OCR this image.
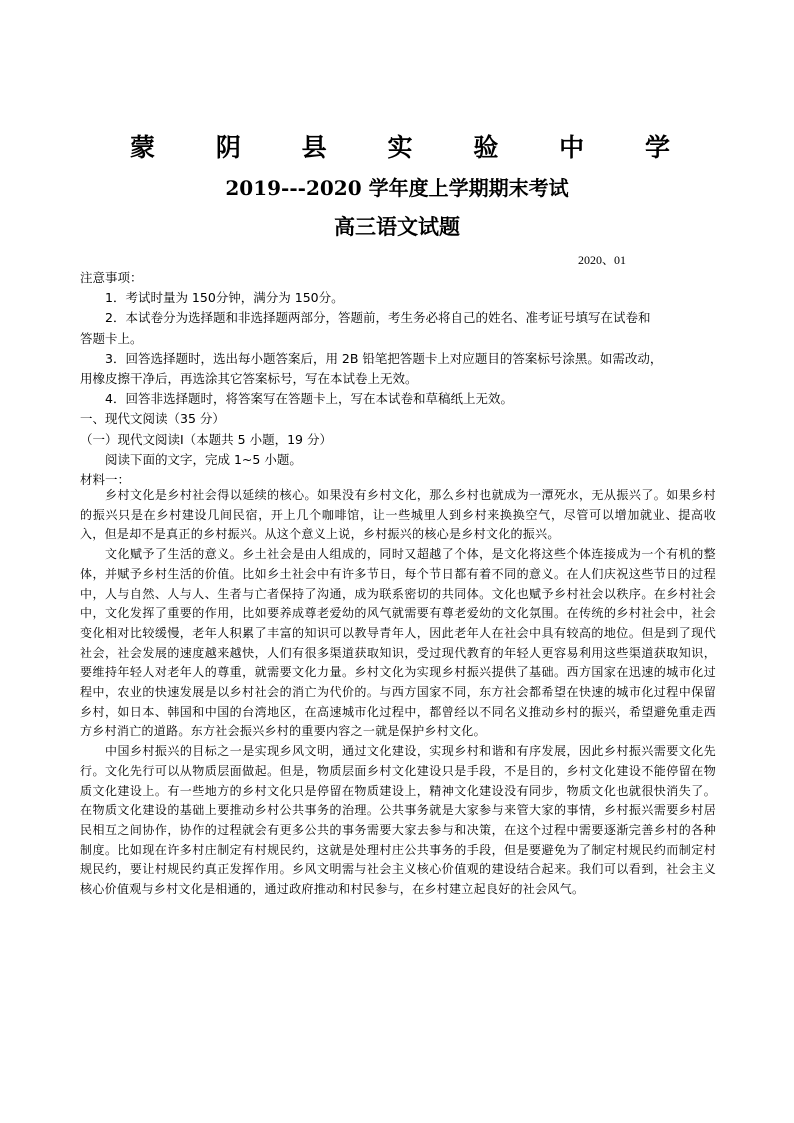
蒙 阴 县 实 验 中 学
2019---2020 学年度上学期期末考试
高三语文试题
2020、01

注意事项：

1．考试时量为 150分钟，满分为 150分。

2．本试卷分为选择题和非选择题两部分，答题前，考生务必将自己的姓名、准考证号填写在试卷和

答题卡上。

3．回答选择题时，选出每小题答案后，用 2B 铅笔把答题卡上对应题目的答案标号涂黑。如需改动，

用橡皮擦干净后，再选涂其它答案标号，写在本试卷上无效。

4．回答非选择题时，将答案写在答题卡上，写在本试卷和草稿纸上无效。

一、现代文阅读（35 分）

（一）现代文阅读Ⅰ（本题共 5 小题，19 分）

阅读下面的文字，完成 1~5 小题。

材料一：

乡村文化是乡村社会得以延续的核心。如果没有乡村文化，那么乡村也就成为一潭死水，无从振兴了。如果乡村的振兴只是在乡村建设几间民宿，开上几个咖啡馆，让一些城里人到乡村来换换空气，尽管可以增加就业、提高收入，但是却不是真正的乡村振兴。从这个意义上说，乡村振兴的核心是乡村文化的振兴。

文化赋予了生活的意义。乡土社会是由人组成的，同时又超越了个体，是文化将这些个体连接成为一个有机的整体，并赋予乡村生活的价值。比如乡土社会中有许多节日，每个节日都有着不同的意义。在人们庆祝这些节日的过程中，人与自然、人与人、生者与亡者保持了沟通，成为联系密切的共同体。文化也赋予乡村社会以秩序。在乡村社会中，文化发挥了重要的作用，比如要养成尊老爱幼的风气就需要有尊老爱幼的文化氛围。在传统的乡村社会中，社会变化相对比较缓慢，老年人积累了丰富的知识可以教导青年人，因此老年人在社会中具有较高的地位。但是到了现代社会，社会发展的速度越来越快，人们有很多渠道获取知识，受过现代教育的年轻人更容易利用这些渠道获取知识，要维持年轻人对老年人的尊重，就需要文化力量。乡村文化为实现乡村振兴提供了基础。西方国家在迅速的城市化过程中，农业的快速发展是以乡村社会的消亡为代价的。与西方国家不同，东方社会都希望在快速的城市化过程中保留乡村，如日本、韩国和中国的台湾地区，在高速城市化过程中，都曾经以不同名义推动乡村的振兴，希望避免重走西方乡村消亡的道路。东方社会振兴乡村的重要内容之一就是保护乡村文化。

中国乡村振兴的目标之一是实现乡风文明，通过文化建设，实现乡村和谐和有序发展，因此乡村振兴需要文化先行。文化先行可以从物质层面做起。但是，物质层面乡村文化建设只是手段，不是目的，乡村文化建设不能停留在物质文化建设上。有一些地方的乡村文化只是停留在物质建设上，精神文化建设没有同步，物质文化也就很快消失了。在物质文化建设的基础上要推动乡村公共事务的治理。公共事务就是大家参与来管大家的事情，乡村振兴需要乡村居民相互之间协作，协作的过程就会有更多公共的事务需要大家去参与和决策，在这个过程中需要逐渐完善乡村的各种制度。比如现在许多村庄制定有村规民约，这就是处理村庄公共事务的手段，但是要避免为了制定村规民约而制定村规民约，要让村规民约真正发挥作用。乡风文明需与社会主义核心价值观的建设结合起来。我们可以看到，社会主义核心价值观与乡村文化是相通的，通过政府推动和村民参与，在乡村建立起良好的社会风气。
